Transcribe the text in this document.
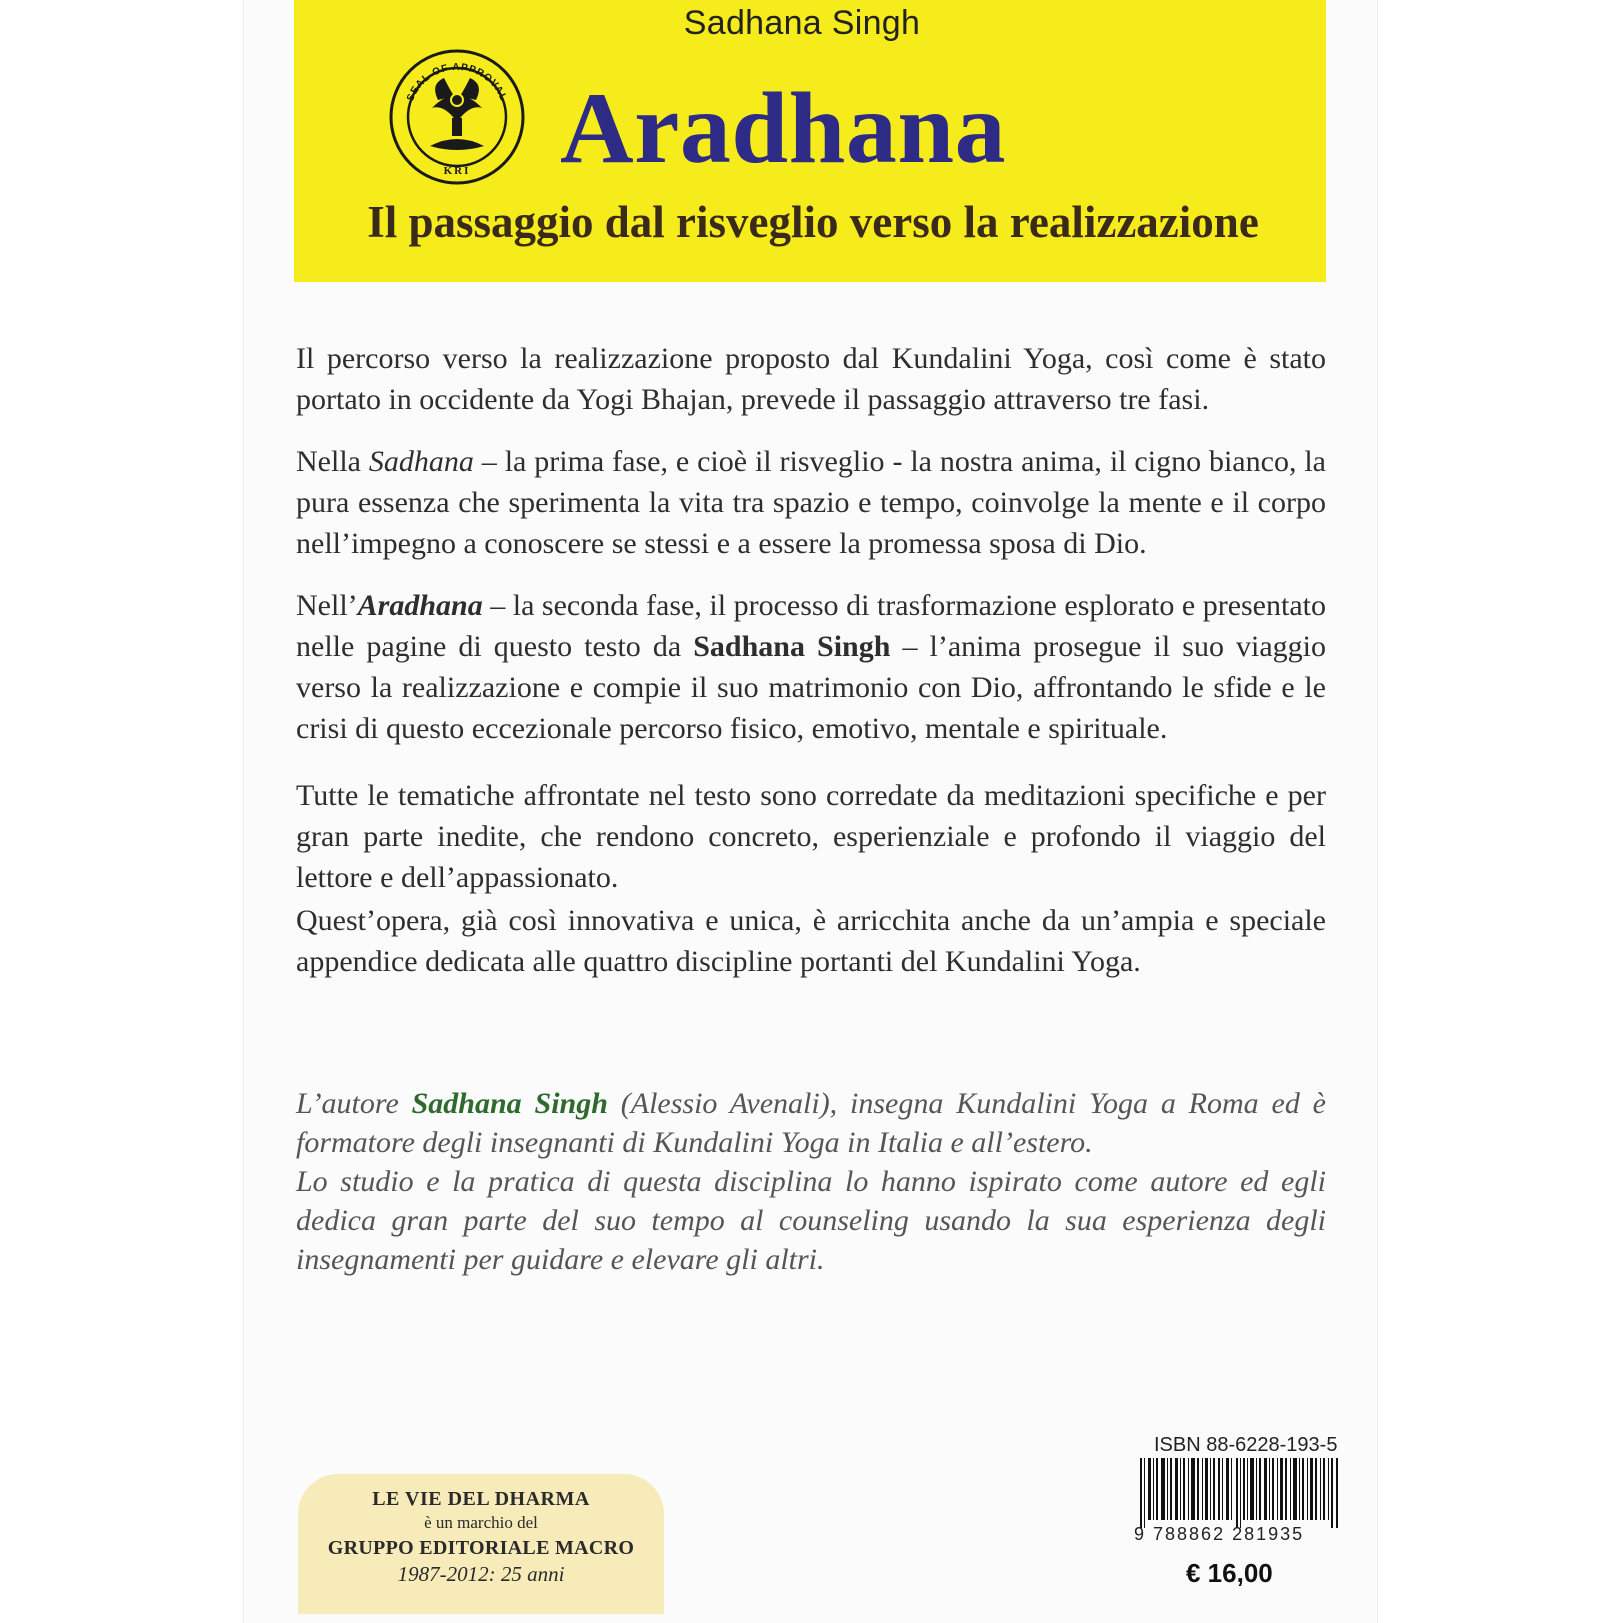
Sadhana Singh
SEAL OF APPROVAL
KRI Aradhana
Il passaggio dal risveglio verso la realizzazione

Il percorso verso la realizzazione proposto dal Kundalini Yoga, così come è stato portato in occidente da Yogi Bhajan, prevede il passaggio attraverso tre fasi.

Nella Sadhana – la prima fase, e cioè il risveglio - la nostra anima, il cigno bianco, la pura essenza che sperimenta la vita tra spazio e tempo, coinvolge la mente e il corpo nell’impegno a conoscere se stessi e a essere la promessa sposa di Dio.

Nell’Aradhana – la seconda fase, il processo di trasformazione esplorato e presentato nelle pagine di questo testo da Sadhana Singh – l’anima prosegue il suo viaggio verso la realizzazione e compie il suo matrimonio con Dio, affrontando le sfide e le crisi di questo eccezionale percorso fisico, emotivo, mentale e spirituale.

Tutte le tematiche affrontate nel testo sono corredate da meditazioni specifiche e per gran parte inedite, che rendono concreto, esperienziale e profondo il viaggio del lettore e dell’appassionato.

Quest’opera, già così innovativa e unica, è arricchita anche da un’ampia e speciale appendice dedicata alle quattro discipline portanti del Kundalini Yoga.

L’autore Sadhana Singh (Alessio Avenali), insegna Kundalini Yoga a Roma ed è formatore degli insegnanti di Kundalini Yoga in Italia e all’estero.

Lo studio e la pratica di questa disciplina lo hanno ispirato come autore ed egli dedica gran parte del suo tempo al counseling usando la sua esperienza degli insegnamenti per guidare e elevare gli altri.

LE VIE DEL DHARMA
è un marchio del
GRUPPO EDITORIALE MACRO
1987-2012: 25 anni
ISBN 88-6228-193-5
9 788862 281935
€ 16,00
